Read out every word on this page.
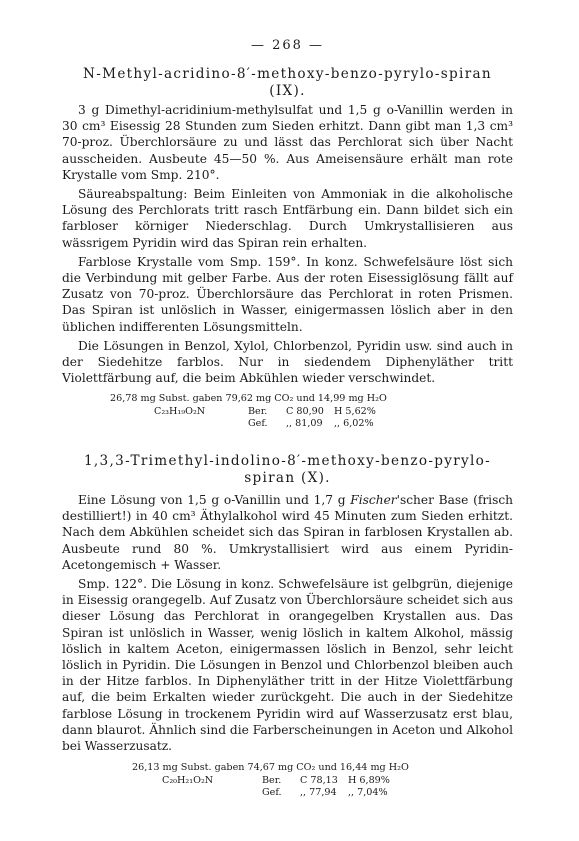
— 268 —
N-Methyl-acridino-8′-methoxy-benzo-pyrylo-spiran (IX).

3 g Dimethyl-acridinium-methylsulfat und 1,5 g o-Vanillin werden in 30 cm³ Eisessig 28 Stunden zum Sieden erhitzt. Dann gibt man 1,3 cm³ 70-proz. Überchlorsäure zu und lässt das Perchlorat sich über Nacht ausscheiden. Ausbeute 45—50 %. Aus Ameisensäure erhält man rote Krystalle vom Smp. 210°.

Säureabspaltung: Beim Einleiten von Ammoniak in die alkoholische Lösung des Perchlorats tritt rasch Entfärbung ein. Dann bildet sich ein farbloser körniger Niederschlag. Durch Umkrystallisieren aus wässrigem Pyridin wird das Spiran rein erhalten.

Farblose Krystalle vom Smp. 159°. In konz. Schwefelsäure löst sich die Verbindung mit gelber Farbe. Aus der roten Eisessiglösung fällt auf Zusatz von 70-proz. Überchlorsäure das Perchlorat in roten Prismen. Das Spiran ist unlöslich in Wasser, einigermassen löslich aber in den üblichen indifferenten Lösungsmitteln.

Die Lösungen in Benzol, Xylol, Chlorbenzol, Pyridin usw. sind auch in der Siedehitze farblos. Nur in siedendem Diphenyläther tritt Violettfärbung auf, die beim Abkühlen wieder verschwindet.

26,78 mg Subst. gaben 79,62 mg CO₂ und 14,99 mg H₂O
C₂₃H₁₉O₂N	Ber.	C 80,90	H 5,62%
Gef.	,, 81,09	,, 6,02%
1,3,3-Trimethyl-indolino-8′-methoxy-benzo-pyrylo-
spiran (X).

Eine Lösung von 1,5 g o-Vanillin und 1,7 g Fischer'scher Base (frisch destilliert!) in 40 cm³ Äthylalkohol wird 45 Minuten zum Sieden erhitzt. Nach dem Abkühlen scheidet sich das Spiran in farblosen Krystallen ab. Ausbeute rund 80 %. Umkrystallisiert wird aus einem Pyridin-Acetongemisch + Wasser.

Smp. 122°. Die Lösung in konz. Schwefelsäure ist gelbgrün, diejenige in Eisessig orangegelb. Auf Zusatz von Überchlorsäure scheidet sich aus dieser Lösung das Perchlorat in orangegelben Krystallen aus. Das Spiran ist unlöslich in Wasser, wenig löslich in kaltem Alkohol, mässig löslich in kaltem Aceton, einigermassen löslich in Benzol, sehr leicht löslich in Pyridin. Die Lösungen in Benzol und Chlorbenzol bleiben auch in der Hitze farblos. In Diphenyläther tritt in der Hitze Violettfärbung auf, die beim Erkalten wieder zurückgeht. Die auch in der Siedehitze farblose Lösung in trockenem Pyridin wird auf Wasserzusatz erst blau, dann blaurot. Ähnlich sind die Farberscheinungen in Aceton und Alkohol bei Wasserzusatz.

26,13 mg Subst. gaben 74,67 mg CO₂ und 16,44 mg H₂O
C₂₀H₂₁O₂N	Ber.	C 78,13	H 6,89%
Gef.	,, 77,94	,, 7,04%
